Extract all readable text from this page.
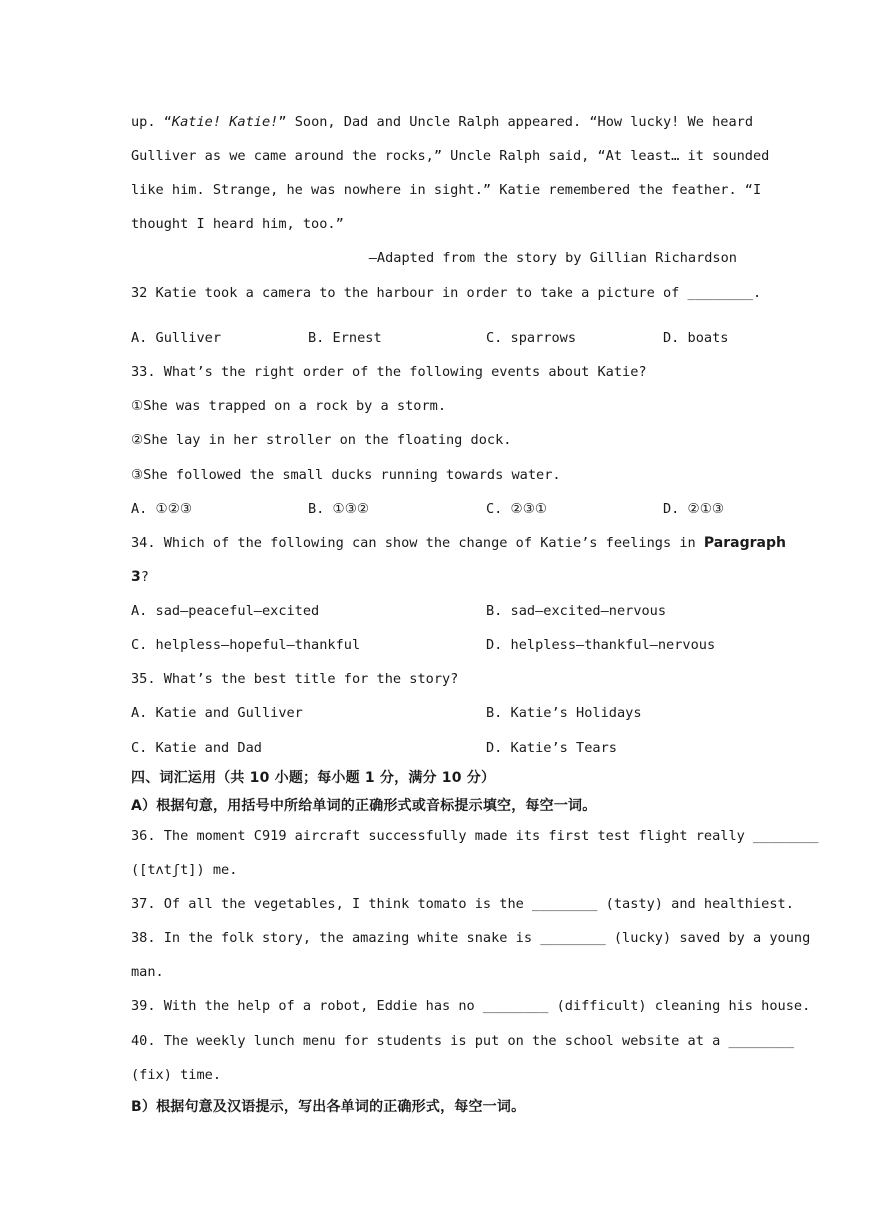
up. “Katie! Katie!” Soon, Dad and Uncle Ralph appeared. “How lucky! We heard
Gulliver as we came around the rocks,” Uncle Ralph said, “At least… it sounded
like him. Strange, he was nowhere in sight.” Katie remembered the feather. “I
thought I heard him, too.”
—Adapted from the story by Gillian Richardson
32 Katie took a camera to the harbour in order to take a picture of ________.
A. Gulliver	B. Ernest	C. sparrows	D. boats
33. What’s the right order of the following events about Katie?
①She was trapped on a rock by a storm.
②She lay in her stroller on the floating dock.
③She followed the small ducks running towards water.
A. ①②③	B. ①③②	C. ②③①	D. ②①③
34. Which of the following can show the change of Katie’s feelings in Paragraph
3?
A. sad—peaceful—excited	B. sad—excited—nervous
C. helpless—hopeful—thankful	D. helpless—thankful—nervous
35. What’s the best title for the story?
A. Katie and Gulliver	B. Katie’s Holidays
C. Katie and Dad	D. Katie’s Tears
四、词汇运用（共 10 小题；每小题 1 分，满分 10 分）
A）根据句意，用括号中所给单词的正确形式或音标提示填空，每空一词。
36. The moment C919 aircraft successfully made its first test flight really ________
([tʌtʃt]) me.
37. Of all the vegetables, I think tomato is the ________ (tasty) and healthiest.
38. In the folk story, the amazing white snake is ________ (lucky) saved by a young
man.
39. With the help of a robot, Eddie has no ________ (difficult) cleaning his house.
40. The weekly lunch menu for students is put on the school website at a ________
(fix) time.
B）根据句意及汉语提示，写出各单词的正确形式，每空一词。
